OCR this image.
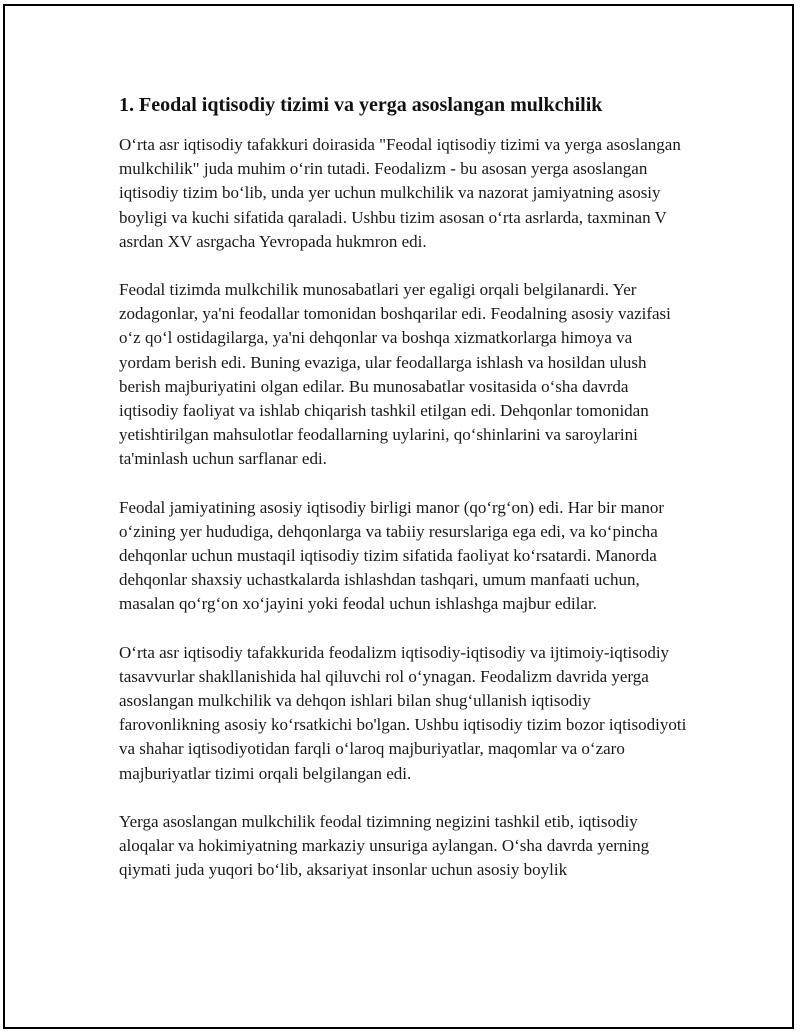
1. Feodal iqtisodiy tizimi va yerga asoslangan mulkchilik

O‘rta asr iqtisodiy tafakkuri doirasida "Feodal iqtisodiy tizimi va yerga asoslangan mulkchilik" juda muhim o‘rin tutadi. Feodalizm - bu asosan yerga asoslangan iqtisodiy tizim bo‘lib, unda yer uchun mulkchilik va nazorat jamiyatning asosiy boyligi va kuchi sifatida qaraladi. Ushbu tizim asosan o‘rta asrlarda, taxminan V asrdan XV asrgacha Yevropada hukmron edi.

Feodal tizimda mulkchilik munosabatlari yer egaligi orqali belgilanardi. Yer zodagonlar, ya'ni feodallar tomonidan boshqarilar edi. Feodalning asosiy vazifasi o‘z qo‘l ostidagilarga, ya'ni dehqonlar va boshqa xizmatkorlarga himoya va yordam berish edi. Buning evaziga, ular feodallarga ishlash va hosildan ulush berish majburiyatini olgan edilar. Bu munosabatlar vositasida o‘sha davrda iqtisodiy faoliyat va ishlab chiqarish tashkil etilgan edi. Dehqonlar tomonidan yetishtirilgan mahsulotlar feodallarning uylarini, qo‘shinlarini va saroylarini ta'minlash uchun sarflanar edi.

Feodal jamiyatining asosiy iqtisodiy birligi manor (qo‘rg‘on) edi. Har bir manor o‘zining yer hududiga, dehqonlarga va tabiiy resurslariga ega edi, va ko‘pincha dehqonlar uchun mustaqil iqtisodiy tizim sifatida faoliyat ko‘rsatardi. Manorda dehqonlar shaxsiy uchastkalarda ishlashdan tashqari, umum manfaati uchun, masalan qo‘rg‘on xo‘jayini yoki feodal uchun ishlashga majbur edilar.

O‘rta asr iqtisodiy tafakkurida feodalizm iqtisodiy-iqtisodiy va ijtimoiy-iqtisodiy tasavvurlar shakllanishida hal qiluvchi rol o‘ynagan. Feodalizm davrida yerga asoslangan mulkchilik va dehqon ishlari bilan shug‘ullanish iqtisodiy farovonlikning asosiy ko‘rsatkichi bo'lgan. Ushbu iqtisodiy tizim bozor iqtisodiyoti va shahar iqtisodiyotidan farqli o‘laroq majburiyatlar, maqomlar va o‘zaro majburiyatlar tizimi orqali belgilangan edi.

Yerga asoslangan mulkchilik feodal tizimning negizini tashkil etib, iqtisodiy aloqalar va hokimiyatning markaziy unsuriga aylangan. O‘sha davrda yerning qiymati juda yuqori bo‘lib, aksariyat insonlar uchun asosiy boylik
